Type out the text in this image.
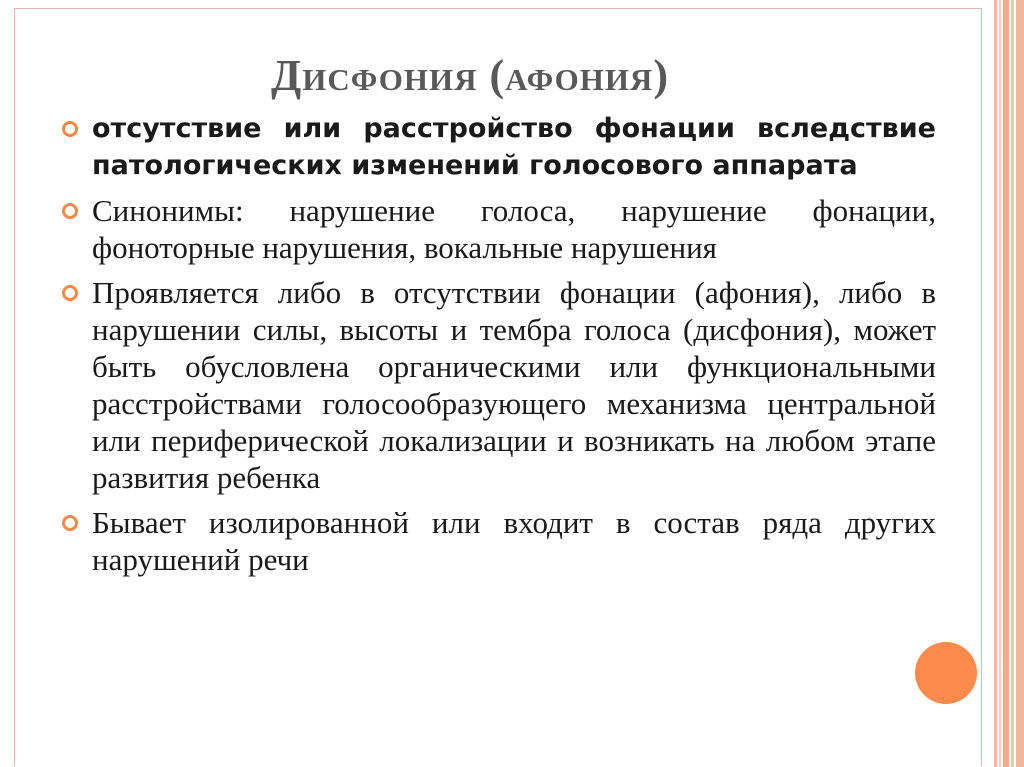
Дисфония (афония)
отсутствие или расстройство фонации вследствие патологических изменений голосового аппарата
Синонимы: нарушение голоса, нарушение фонации, фоноторные нарушения, вокальные нарушения
Проявляется либо в отсутствии фонации (афония), либо в нарушении силы, высоты и тембра голоса (дисфония), может быть обусловлена органическими или функциональными расстройствами голосообразующего механизма центральной или периферической локализации и возникать на любом этапе развития ребенка
Бывает изолированной или входит в состав ряда других нарушений речи
